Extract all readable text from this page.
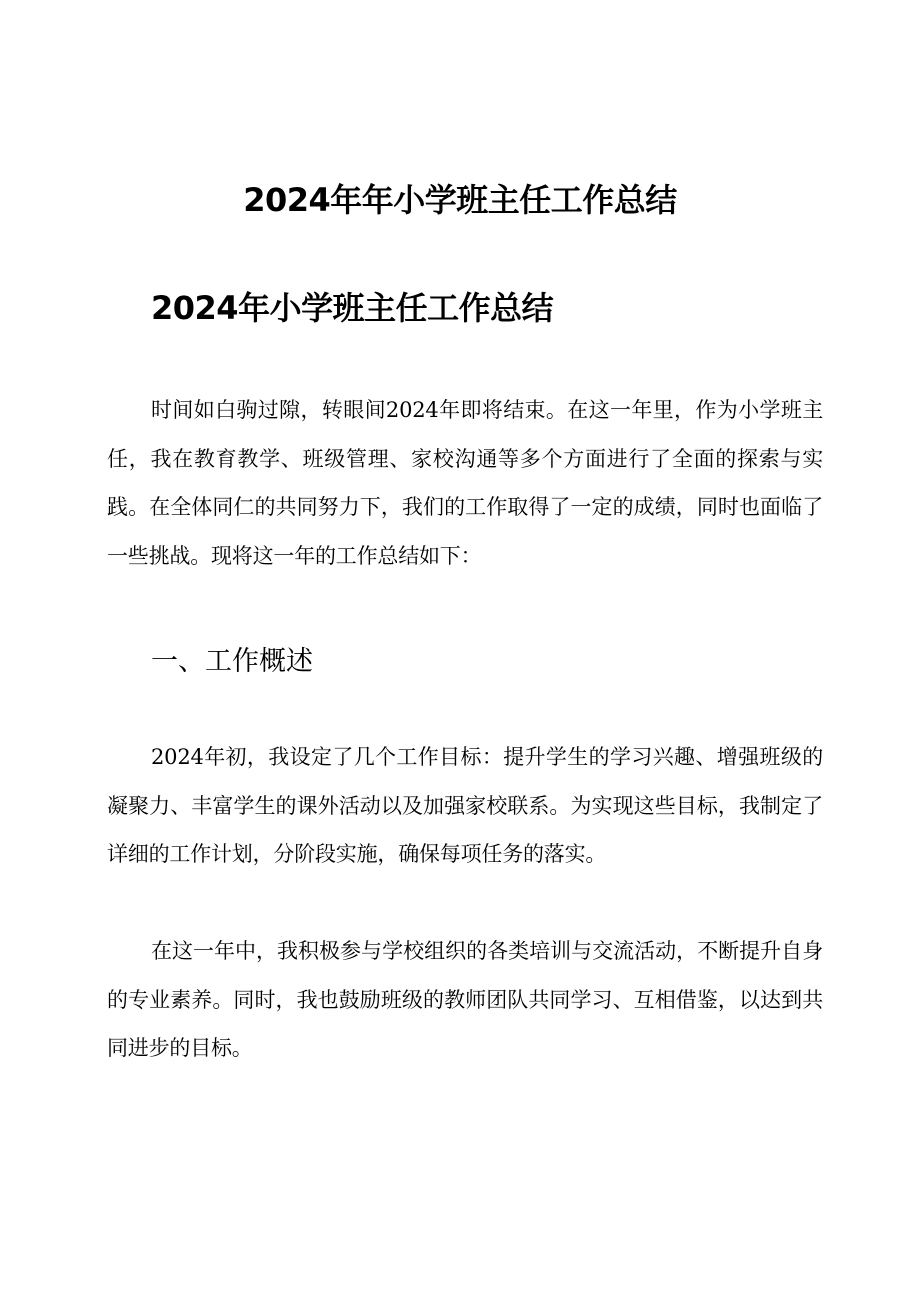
2024年年小学班主任工作总结
2024年小学班主任工作总结

时间如白驹过隙，转眼间2024年即将结束。在这一年里，作为小学班主任，我在教育教学、班级管理、家校沟通等多个方面进行了全面的探索与实践。在全体同仁的共同努力下，我们的工作取得了一定的成绩，同时也面临了一些挑战。现将这一年的工作总结如下：

一、工作概述

2024年初，我设定了几个工作目标：提升学生的学习兴趣、增强班级的凝聚力、丰富学生的课外活动以及加强家校联系。为实现这些目标，我制定了详细的工作计划，分阶段实施，确保每项任务的落实。

在这一年中，我积极参与学校组织的各类培训与交流活动，不断提升自身的专业素养。同时，我也鼓励班级的教师团队共同学习、互相借鉴，以达到共同进步的目标。
